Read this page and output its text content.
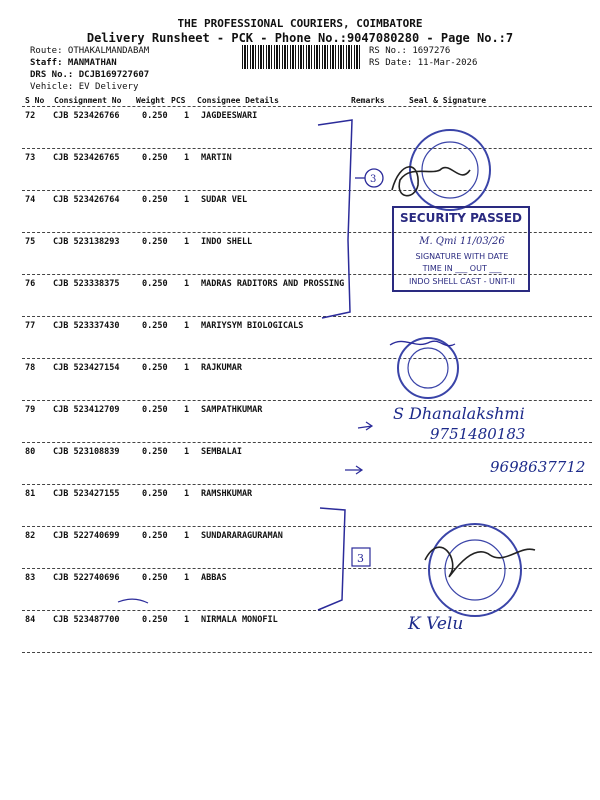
THE PROFESSIONAL COURIERS, COIMBATORE
Delivery Runsheet - PCK - Phone No.:9047080280 - Page No.:7
Route: OTHAKALMANDABAM
Staff: MANMATHAN
DRS No.: DCJB169727607
Vehicle: EV Delivery
RS No.: 1697276
RS Date: 11-Mar-2026
S No Consignment No Weight PCS Consignee Details	Remarks	Seal & Signature
72 CJB 523426766	0.250 1 JAGDEESWARI
73 CJB 523426765	0.250 1 MARTIN
74 CJB 523426764	0.250 1 SUDAR VEL
75 CJB 523138293	0.250 1 INDO SHELL
76 CJB 523338375	0.250 1 MADRAS RADITORS AND PROSSING
77 CJB 523337430	0.250 1 MARIYSYM BIOLOGICALS
78 CJB 523427154	0.250 1 RAJKUMAR
79 CJB 523412709	0.250 1 SAMPATHKUMAR
80 CJB 523108839	0.250 1 SEMBALAI
81 CJB 523427155	0.250 1 RAMSHKUMAR
82 CJB 522740699	0.250 1 SUNDARARAGURAMAN
83 CJB 522740696	0.250 1 ABBAS
84 CJB 523487700	0.250 1 NIRMALA MONOFIL
3
3
SECURITY PASSED
M. Qmi 11/03/26
SIGNATURE WITH DATE
TIME IN ___ OUT ___
INDO SHELL CAST - UNIT-II
S Dhanalakshmi
9751480183
9698637712
K Velu
